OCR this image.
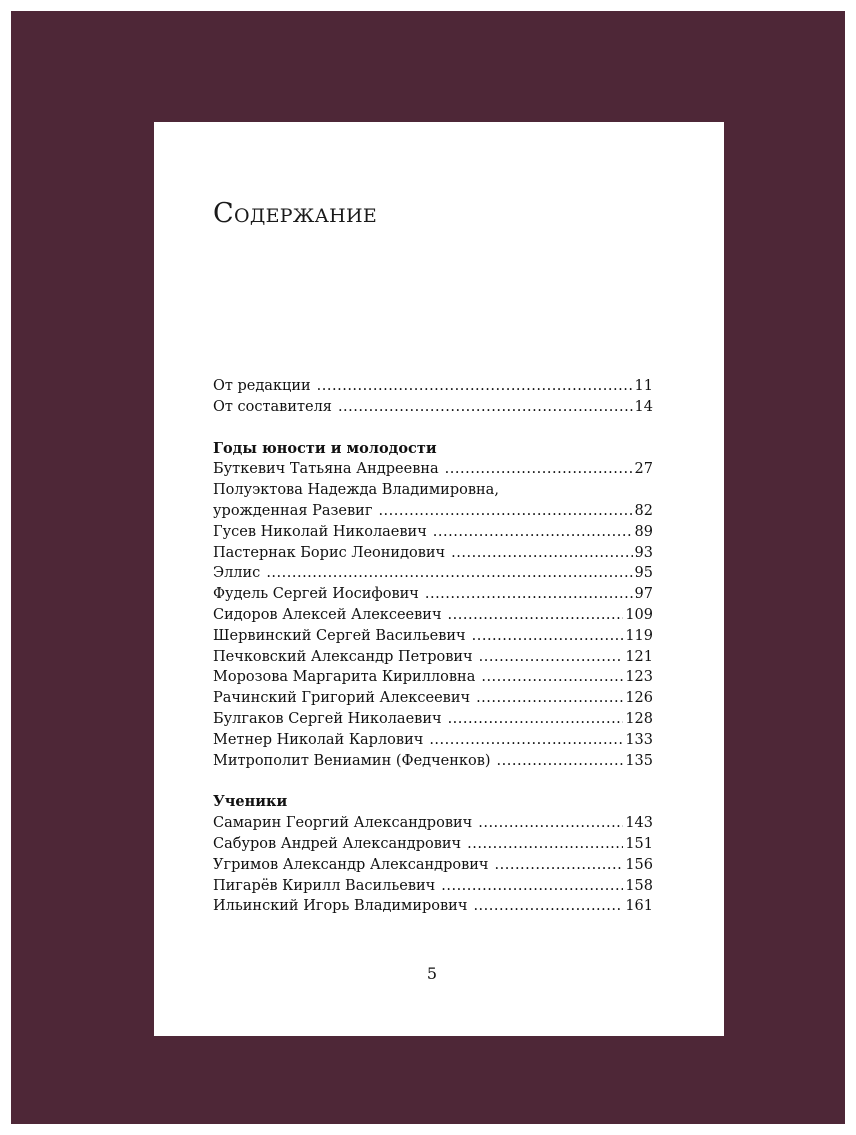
Содержание
От редакции .....	11
От составителя .....	14
Годы юности и молодости
Буткевич Татьяна Андреевна .....	27
Полуэктова Надежда Владимировна,
урожденная Разевиг .....	82
Гусев Николай Николаевич .....	89
Пастернак Борис Леонидович .....	93
Эллис .....	95
Фудель Сергей Иосифович .....	97
Сидоров Алексей Алексеевич .....	109
Шервинский Сергей Васильевич .....	119
Печковский Александр Петрович .....	121
Морозова Маргарита Кирилловна .....	123
Рачинский Григорий Алексеевич .....	126
Булгаков Сергей Николаевич .....	128
Метнер Николай Карлович .....	133
Митрополит Вениамин (Федченков) .....	135
Ученики
Самарин Георгий Александрович .....	143
Сабуров Андрей Александрович .....	151
Угримов Александр Александрович .....	156
Пигарёв Кирилл Васильевич .....	158
Ильинский Игорь Владимирович .....	161
5
